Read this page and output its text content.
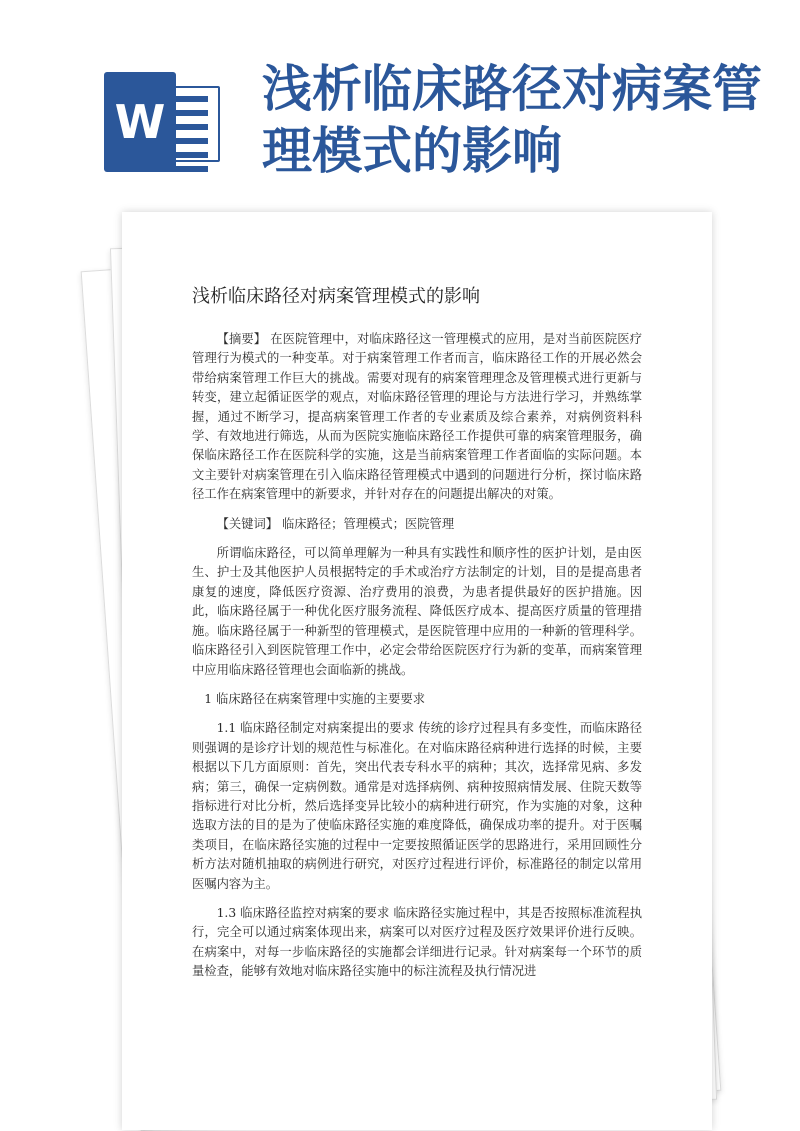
W
浅析临床路径对病案管理模式的影响
浅析临床路径对病案管理模式的影响

【摘要】 在医院管理中，对临床路径这一管理模式的应用，是对当前医院医疗管理行为模式的一种变革。对于病案管理工作者而言，临床路径工作的开展必然会带给病案管理工作巨大的挑战。需要对现有的病案管理理念及管理模式进行更新与转变，建立起循证医学的观点，对临床路径管理的理论与方法进行学习，并熟练掌握，通过不断学习，提高病案管理工作者的专业素质及综合素养，对病例资料科学、有效地进行筛选，从而为医院实施临床路径工作提供可靠的病案管理服务，确保临床路径工作在医院科学的实施，这是当前病案管理工作者面临的实际问题。本文主要针对病案管理在引入临床路径管理模式中遇到的问题进行分析，探讨临床路径工作在病案管理中的新要求，并针对存在的问题提出解决的对策。

【关键词】 临床路径；管理模式；医院管理

所谓临床路径，可以简单理解为一种具有实践性和顺序性的医护计划，是由医生、护士及其他医护人员根据特定的手术或治疗方法制定的计划，目的是提高患者康复的速度，降低医疗资源、治疗费用的浪费，为患者提供最好的医护措施。因此，临床路径属于一种优化医疗服务流程、降低医疗成本、提高医疗质量的管理措施。临床路径属于一种新型的管理模式，是医院管理中应用的一种新的管理科学。临床路径引入到医院管理工作中，必定会带给医院医疗行为新的变革，而病案管理中应用临床路径管理也会面临新的挑战。

1 临床路径在病案管理中实施的主要要求

1.1 临床路径制定对病案提出的要求 传统的诊疗过程具有多变性，而临床路径则强调的是诊疗计划的规范性与标准化。在对临床路径病种进行选择的时候，主要根据以下几方面原则：首先，突出代表专科水平的病种；其次，选择常见病、多发病；第三，确保一定病例数。通常是对选择病例、病种按照病情发展、住院天数等指标进行对比分析，然后选择变异比较小的病种进行研究，作为实施的对象，这种选取方法的目的是为了使临床路径实施的难度降低，确保成功率的提升。对于医嘱类项目，在临床路径实施的过程中一定要按照循证医学的思路进行，采用回顾性分析方法对随机抽取的病例进行研究，对医疗过程进行评价，标准路径的制定以常用医嘱内容为主。

1.3 临床路径监控对病案的要求 临床路径实施过程中，其是否按照标准流程执行，完全可以通过病案体现出来，病案可以对医疗过程及医疗效果评价进行反映。在病案中，对每一步临床路径的实施都会详细进行记录。针对病案每一个环节的质量检查，能够有效地对临床路径实施中的标注流程及执行情况进
